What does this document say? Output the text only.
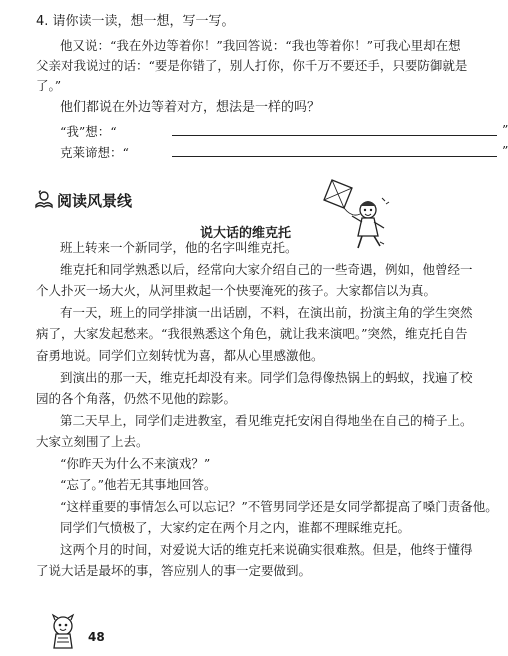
4. 请你读一读，想一想，写一写。
他又说：“我在外边等着你！”我回答说：“我也等着你！”可我心里却在想
父亲对我说过的话：“要是你错了，别人打你，你千万不要还手，只要防御就是
了。”
他们都说在外边等着对方，想法是一样的吗？
“我”想：“	”
克莱谛想：“	”
阅读风景线
说大话的维克托
班上转来一个新同学，他的名字叫维克托。
维克托和同学熟悉以后，经常向大家介绍自己的一些奇遇，例如，他曾经一
个人扑灭一场大火，从河里救起一个快要淹死的孩子。大家都信以为真。
有一天，班上的同学排演一出话剧，不料，在演出前，扮演主角的学生突然
病了，大家发起愁来。“我很熟悉这个角色，就让我来演吧。”突然，维克托自告
奋勇地说。同学们立刻转忧为喜，都从心里感激他。
到演出的那一天，维克托却没有来。同学们急得像热锅上的蚂蚁，找遍了校
园的各个角落，仍然不见他的踪影。
第二天早上，同学们走进教室，看见维克托安闲自得地坐在自己的椅子上。
大家立刻围了上去。
“你昨天为什么不来演戏？”
“忘了。”他若无其事地回答。
“这样重要的事情怎么可以忘记？”不管男同学还是女同学都提高了嗓门责备他。
同学们气愤极了，大家约定在两个月之内，谁都不理睬维克托。
这两个月的时间，对爱说大话的维克托来说确实很难熬。但是，他终于懂得
了说大话是最坏的事，答应别人的事一定要做到。
48
